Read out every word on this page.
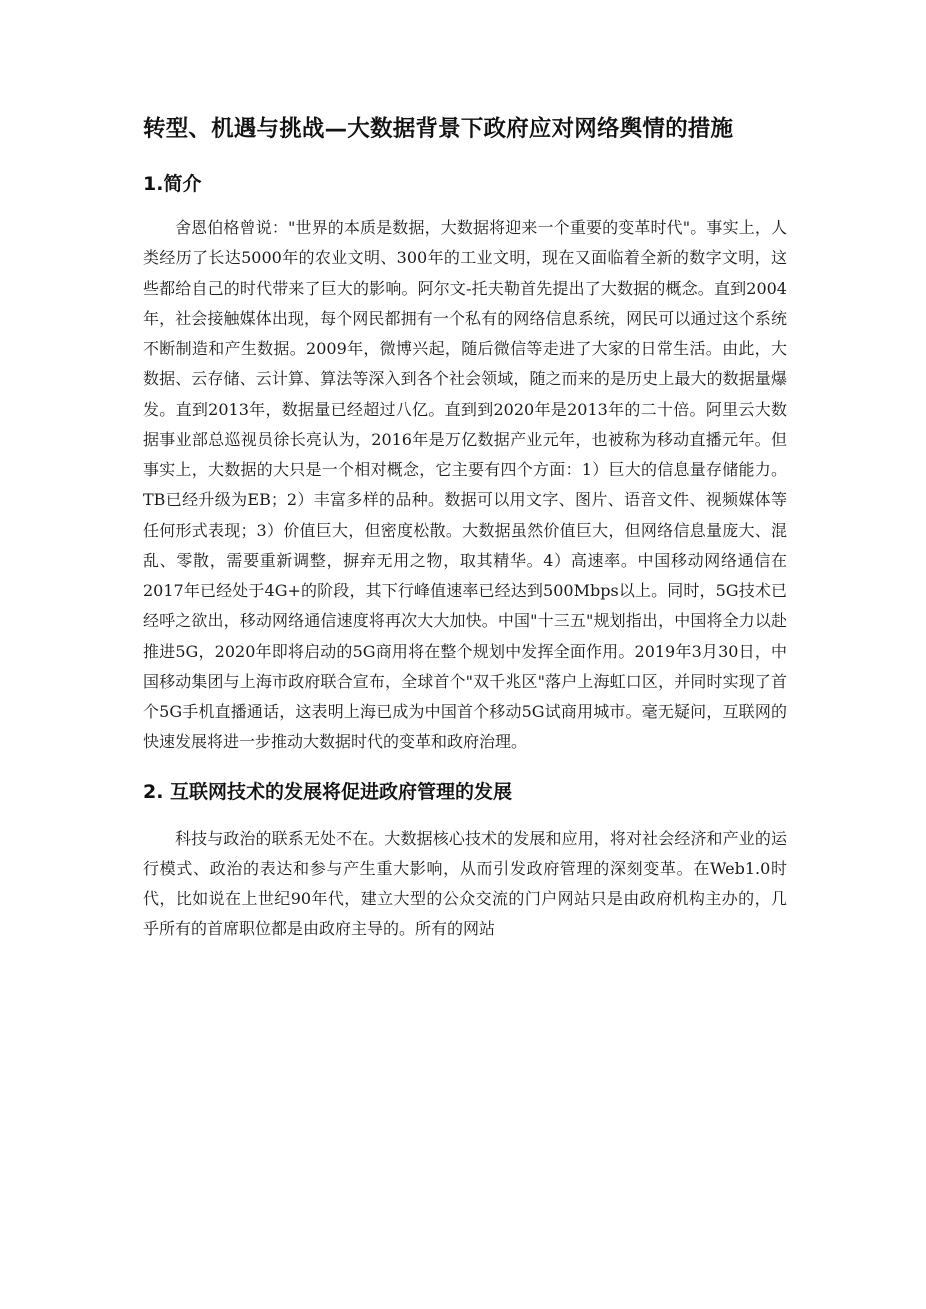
转型、机遇与挑战—大数据背景下政府应对网络舆情的措施
1.简介

舍恩伯格曾说："世界的本质是数据，大数据将迎来一个重要的变革时代"。事实上，人类经历了长达5000年的农业文明、300年的工业文明，现在又面临着全新的数字文明，这些都给自己的时代带来了巨大的影响。阿尔文-托夫勒首先提出了大数据的概念。直到2004年，社会接触媒体出现，每个网民都拥有一个私有的网络信息系统，网民可以通过这个系统不断制造和产生数据。2009年，微博兴起，随后微信等走进了大家的日常生活。由此，大数据、云存储、云计算、算法等深入到各个社会领域，随之而来的是历史上最大的数据量爆发。直到2013年，数据量已经超过八亿。直到到2020年是2013年的二十倍。阿里云大数据事业部总巡视员徐长亮认为，2016年是万亿数据产业元年，也被称为移动直播元年。但事实上，大数据的大只是一个相对概念，它主要有四个方面：1）巨大的信息量存储能力。TB已经升级为EB；2）丰富多样的品种。数据可以用文字、图片、语音文件、视频媒体等任何形式表现；3）价值巨大，但密度松散。大数据虽然价值巨大，但网络信息量庞大、混乱、零散，需要重新调整，摒弃无用之物，取其精华。4）高速率。中国移动网络通信在2017年已经处于4G+的阶段，其下行峰值速率已经达到500Mbps以上。同时，5G技术已经呼之欲出，移动网络通信速度将再次大大加快。中国"十三五"规划指出，中国将全力以赴推进5G，2020年即将启动的5G商用将在整个规划中发挥全面作用。2019年3月30日，中国移动集团与上海市政府联合宣布，全球首个"双千兆区"落户上海虹口区，并同时实现了首个5G手机直播通话，这表明上海已成为中国首个移动5G试商用城市。毫无疑问，互联网的快速发展将进一步推动大数据时代的变革和政府治理。

2. 互联网技术的发展将促进政府管理的发展

科技与政治的联系无处不在。大数据核心技术的发展和应用，将对社会经济和产业的运行模式、政治的表达和参与产生重大影响，从而引发政府管理的深刻变革。在Web1.0时代，比如说在上世纪90年代，建立大型的公众交流的门户网站只是由政府机构主办的，几乎所有的首席职位都是由政府主导的。所有的网站
